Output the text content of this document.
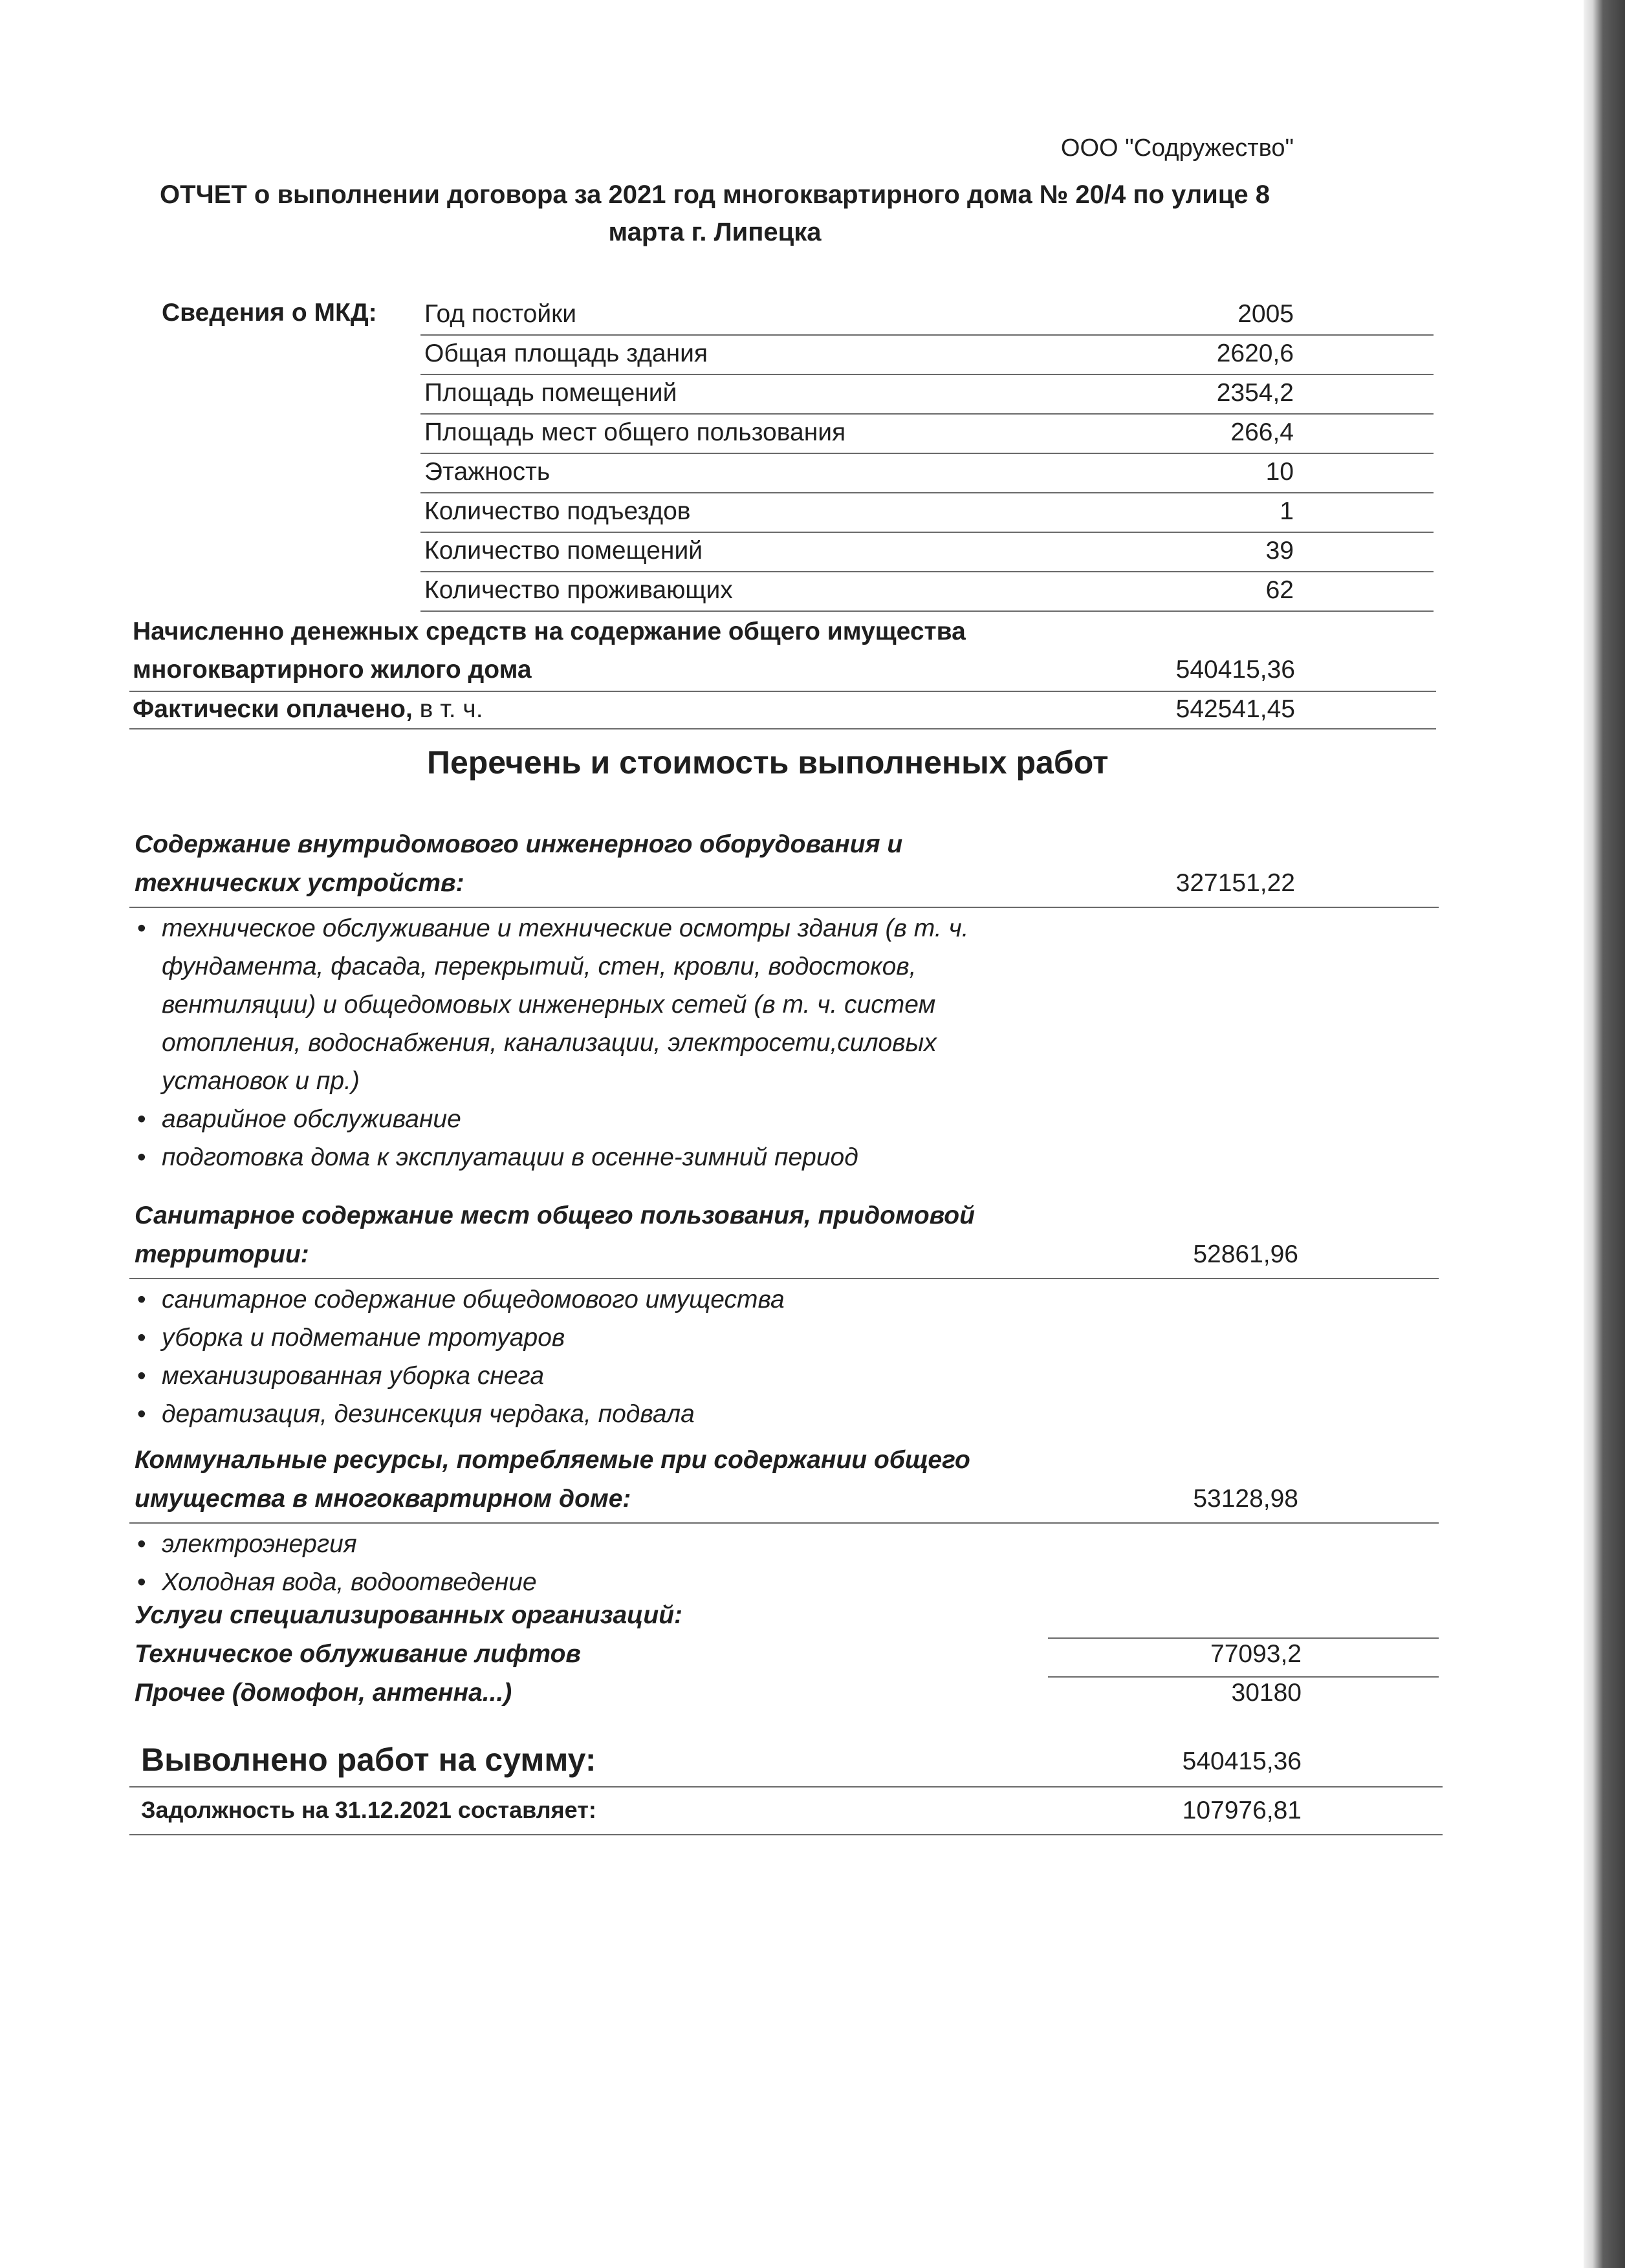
ООО "Содружество"
ОТЧЕТ о выполнении договора за 2021 год многоквартирного дома № 20/4 по улице 8 марта г. Липецка
Сведения о МКД: Год постойки	2005
Общая площадь здания	2620,6
Площадь помещений	2354,2
Площадь мест общего пользования	266,4
Этажность	10
Количество подъездов	1
Количество помещений	39
Количество проживающих	62
Начисленно денежных средств на содержание общего имущества
многоквартирного жилого дома	540415,36
Фактически оплачено, в т. ч.	542541,45
Перечень и стоимость выполненых работ
Содержание внутридомового инженерного оборудования и
технических устройств:	327151,22
• техническое обслуживание и технические осмотры здания (в т. ч. фундамента, фасада, перекрытий, стен, кровли, водостоков, вентиляции) и общедомовых инженерных сетей (в т. ч. систем отопления, водоснабжения, канализации, электросети,силовых установок и пр.)
• аварийное обслуживание
• подготовка дома к эксплуатации в осенне-зимний период
Санитарное содержание мест общего пользования, придомовой
территории:	52861,96
• санитарное содержание общедомового имущества
• уборка и подметание тротуаров
• механизированная уборка снега
• дератизация, дезинсекция чердака, подвала
Коммунальные ресурсы, потребляемые при содержании общего
имущества в многоквартирном доме:	53128,98
• электроэнергия
• Холодная вода, водоотведение
Услуги специализированных организаций:
Техническое облуживание лифтов	77093,2
Прочее (домофон, антенна...)	30180
Выволнено работ на сумму:	540415,36
Задолжность на 31.12.2021 составляет:	107976,81
